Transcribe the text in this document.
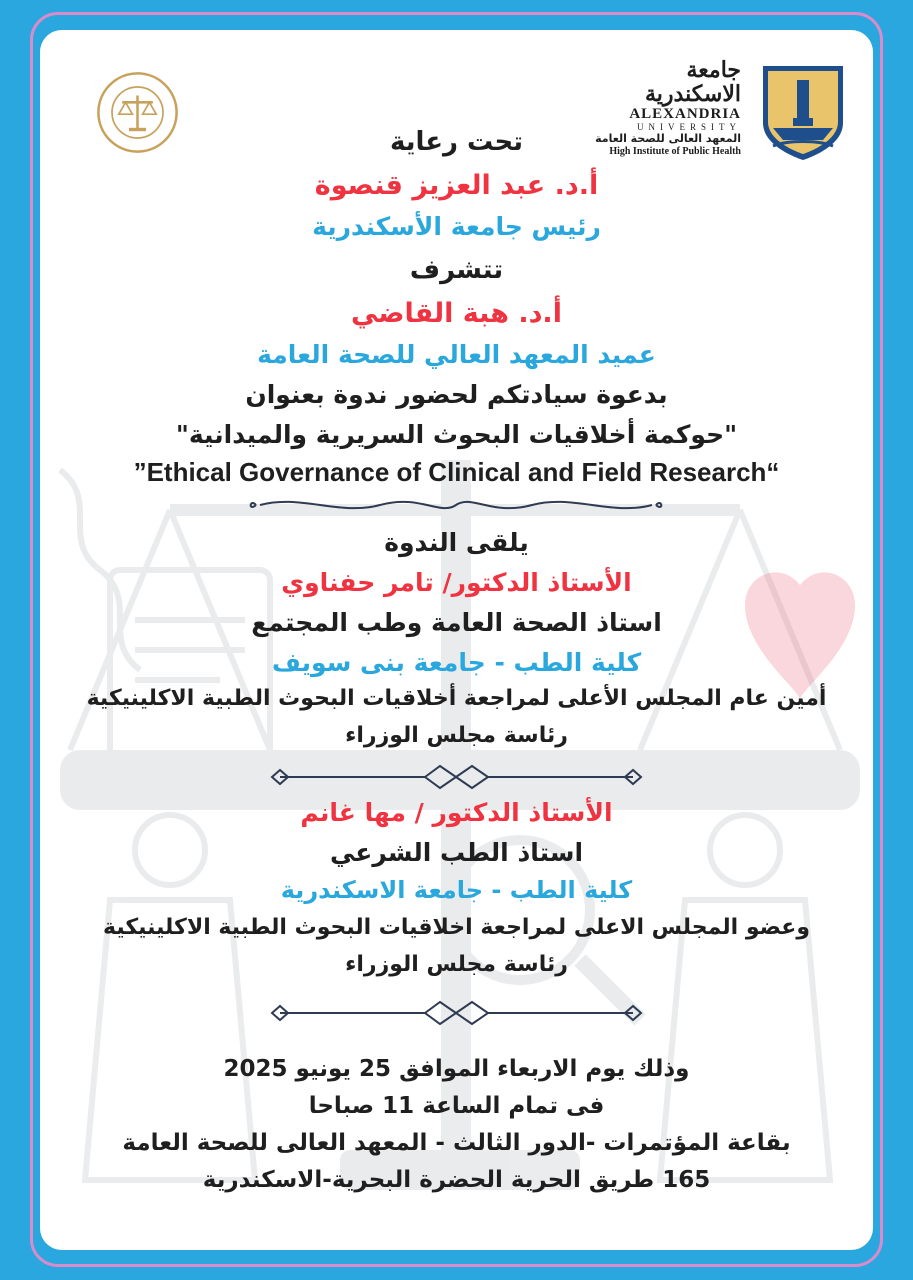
جامعة الاسكندرية
ALEXANDRIA
UNIVERSITY
المعهد العالى للصحة العامة
High Institute of Public Health
تحت رعاية
أ.د. عبد العزيز قنصوة
رئيس جامعة الأسكندرية
تتشرف
أ.د. هبة القاضي
عميد المعهد العالي للصحة العامة
بدعوة سيادتكم لحضور ندوة بعنوان
"حوكمة أخلاقيات البحوث السريرية والميدانية"
”Ethical Governance of Clinical and Field Research“
يلقى الندوة
الأستاذ الدكتور/ تامر حفناوي
استاذ الصحة العامة وطب المجتمع
كلية الطب - جامعة بنى سويف
أمين عام المجلس الأعلى لمراجعة أخلاقيات البحوث الطبية الاكلينيكية
رئاسة مجلس الوزراء
الأستاذ الدكتور / مها غانم
استاذ الطب الشرعي
كلية الطب - جامعة الاسكندرية
وعضو المجلس الاعلى لمراجعة اخلاقيات البحوث الطبية الاكلينيكية
رئاسة مجلس الوزراء
وذلك يوم الاربعاء الموافق 25 يونيو 2025
فى تمام الساعة 11 صباحا
بقاعة المؤتمرات -الدور الثالث - المعهد العالى للصحة العامة
165 طريق الحرية الحضرة البحرية-الاسكندرية
